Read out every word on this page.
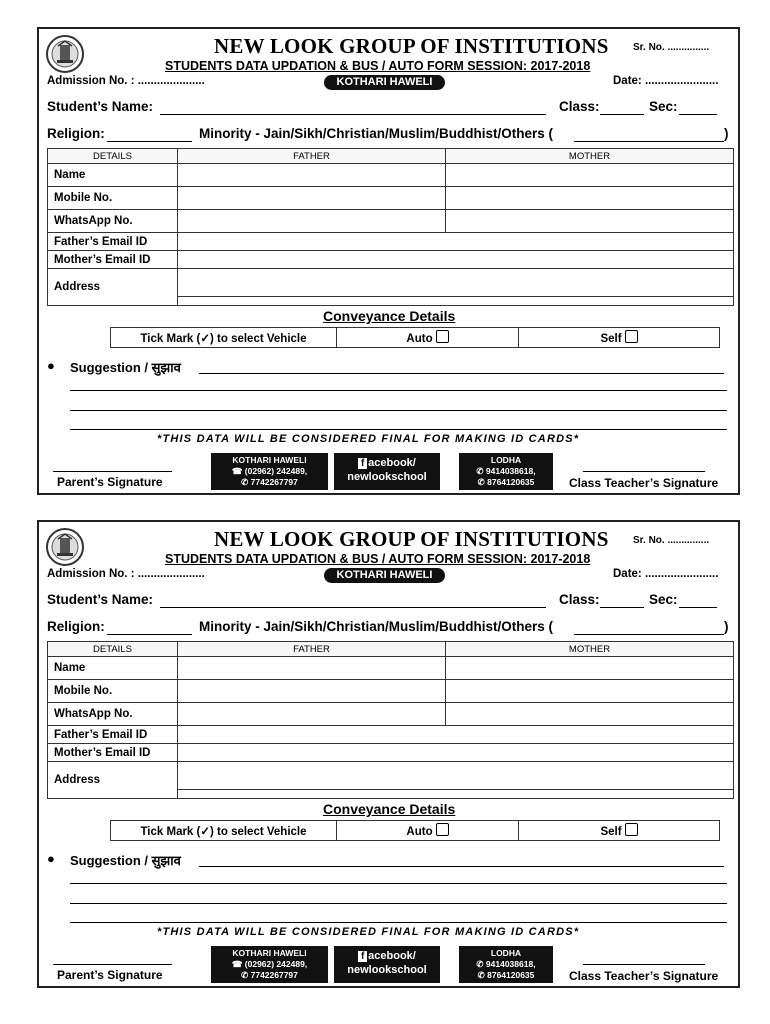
NEW LOOK GROUP OF INSTITUTIONS Sr. No. ...............
STUDENTS DATA UPDATION & BUS / AUTO FORM SESSION: 2017-2018
Admission No. : .....................	KOTHARI HAWELI	Date: .......................
Student’s Name:	Class:	Sec:
Religion:	Minority - Jain/Sikh/Christian/Muslim/Buddhist/Others (	)
DETAILS	FATHER	MOTHER
Name		
Mobile No.		
WhatsApp No.		
Father’s Email ID		
Mother’s Email ID		
Address		
Conveyance Details
Tick Mark (✓) to select Vehicle	Auto	Self
● Suggestion / सुझाव
*THIS DATA WILL BE CONSIDERED FINAL FOR MAKING ID CARDS*
Parent’s Signature
KOTHARI HAWELI
☎ (02962) 242489,
✆ 7742267797
f acebook/
newlookschool
LODHA
✆ 9414038618,
✆ 8764120635	Class Teacher’s Signature
NEW LOOK GROUP OF INSTITUTIONS Sr. No. ...............
STUDENTS DATA UPDATION & BUS / AUTO FORM SESSION: 2017-2018
Admission No. : .....................	KOTHARI HAWELI	Date: .......................
Student’s Name:	Class:	Sec:
Religion:	Minority - Jain/Sikh/Christian/Muslim/Buddhist/Others (	)
DETAILS	FATHER	MOTHER
Name		
Mobile No.		
WhatsApp No.		
Father’s Email ID		
Mother’s Email ID		
Address		
Conveyance Details
Tick Mark (✓) to select Vehicle	Auto	Self
● Suggestion / सुझाव
*THIS DATA WILL BE CONSIDERED FINAL FOR MAKING ID CARDS*
Parent’s Signature
KOTHARI HAWELI
☎ (02962) 242489,
✆ 7742267797
f acebook/
newlookschool
LODHA
✆ 9414038618,
✆ 8764120635	Class Teacher’s Signature
